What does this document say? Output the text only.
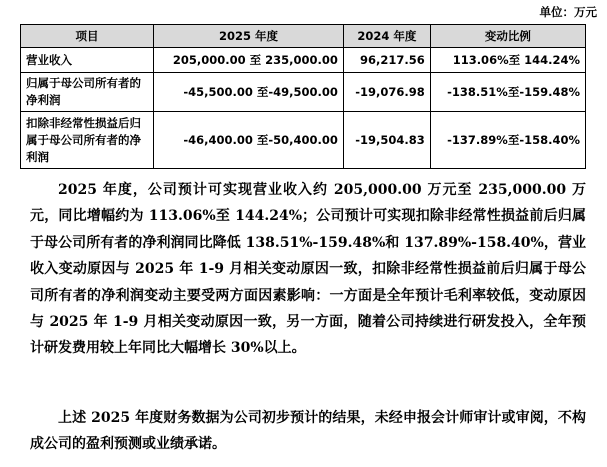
单位：万元
项目	2025 年度	2024 年度	变动比例
营业收入	205,000.00 至 235,000.00	96,217.56	113.06%至 144.24%
归属于母公司所有者的净利润	-45,500.00 至-49,500.00	-19,076.98	-138.51%至-159.48%
扣除非经常性损益后归属于母公司所有者的净利润	-46,400.00 至-50,400.00	-19,504.83	-137.89%至-158.40%

2025 年度，公司预计可实现营业收入约 205,000.00 万元至 235,000.00 万元，同比增幅约为 113.06%至 144.24%；公司预计可实现扣除非经常性损益前后归属于母公司所有者的净利润同比降低 138.51%-159.48%和 137.89%-158.40%，营业收入变动原因与 2025 年 1-9 月相关变动原因一致，扣除非经常性损益前后归属于母公司所有者的净利润变动主要受两方面因素影响：一方面是全年预计毛利率较低，变动原因与 2025 年 1-9 月相关变动原因一致，另一方面，随着公司持续进行研发投入，全年预计研发费用较上年同比大幅增长 30%以上。

上述 2025 年度财务数据为公司初步预计的结果，未经申报会计师审计或审阅，不构成公司的盈利预测或业绩承诺。
